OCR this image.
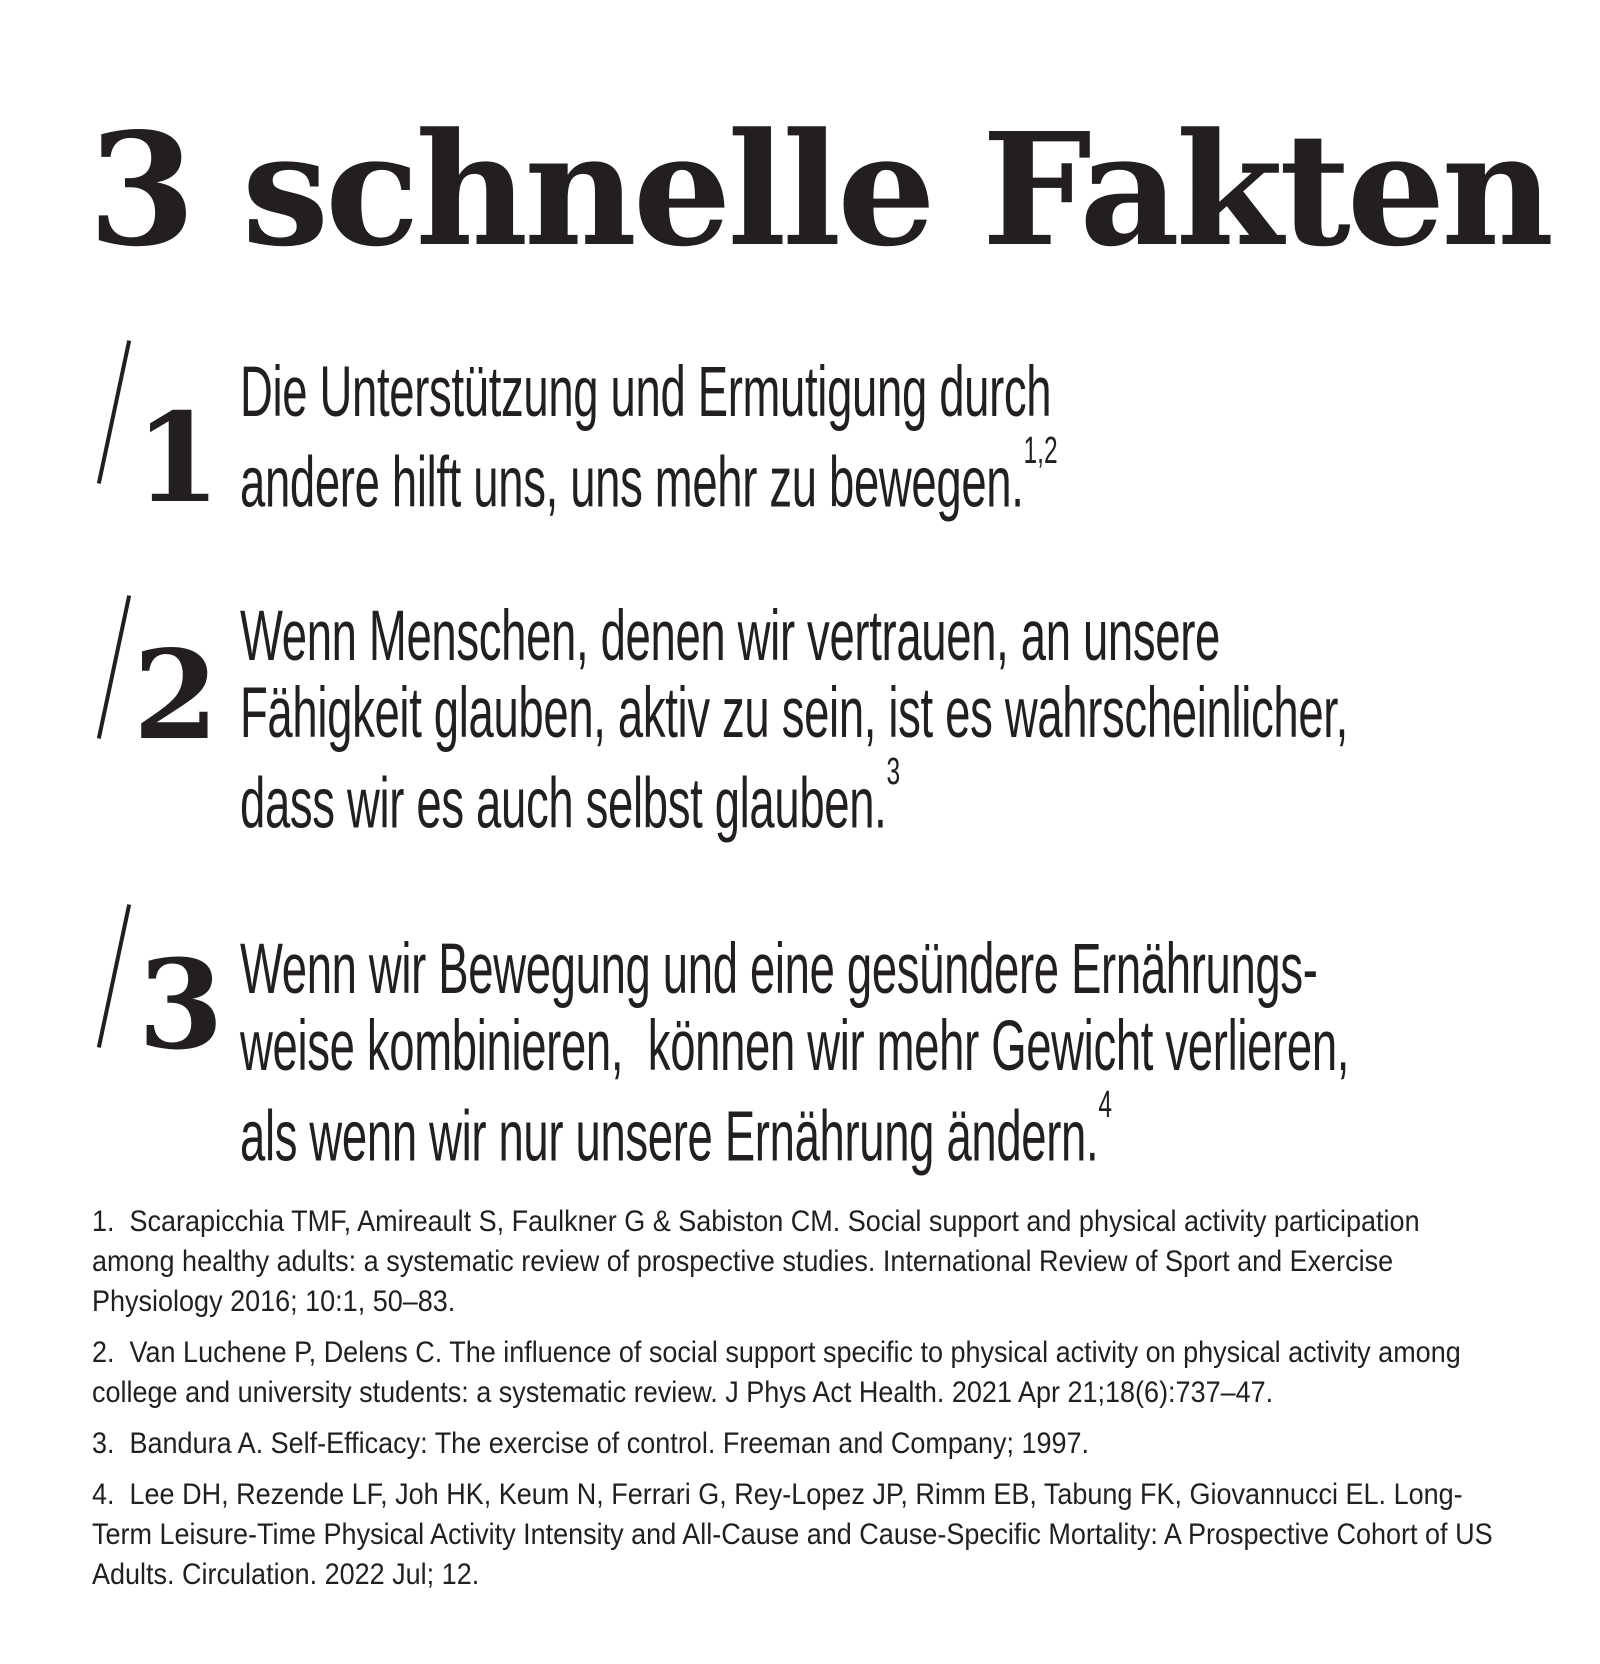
3 schnelle Fakten
1 Die Unterstützung und Ermutigung durch
andere hilft uns, uns mehr zu bewegen.$^{1,2}$
2 Wenn Menschen, denen wir vertrauen, an unsere
Fähigkeit glauben, aktiv zu sein, ist es wahrscheinlicher,
dass wir es auch selbst glauben.$^3$
3 Wenn wir Bewegung und eine gesündere Ernährungs-
weise kombinieren,  können wir mehr Gewicht verlieren,
als wenn wir nur unsere Ernährung ändern.$^4$

1.  Scarapicchia TMF, Amireault S, Faulkner G & Sabiston CM. Social support and physical activity participation among healthy adults: a systematic review of prospective studies. International Review of Sport and Exercise Physiology 2016; 10:1, 50–83.

2.  Van Luchene P, Delens C. The influence of social support specific to physical activity on physical activity among college and university students: a systematic review. J Phys Act Health. 2021 Apr 21;18(6):737–47.

3.  Bandura A. Self-Efficacy: The exercise of control. Freeman and Company; 1997.

4.  Lee DH, Rezende LF, Joh HK, Keum N, Ferrari G, Rey-Lopez JP, Rimm EB, Tabung FK, Giovannucci EL. Long-Term Leisure-Time Physical Activity Intensity and All-Cause and Cause-Specific Mortality: A Prospective Cohort of US Adults. Circulation. 2022 Jul; 12.
